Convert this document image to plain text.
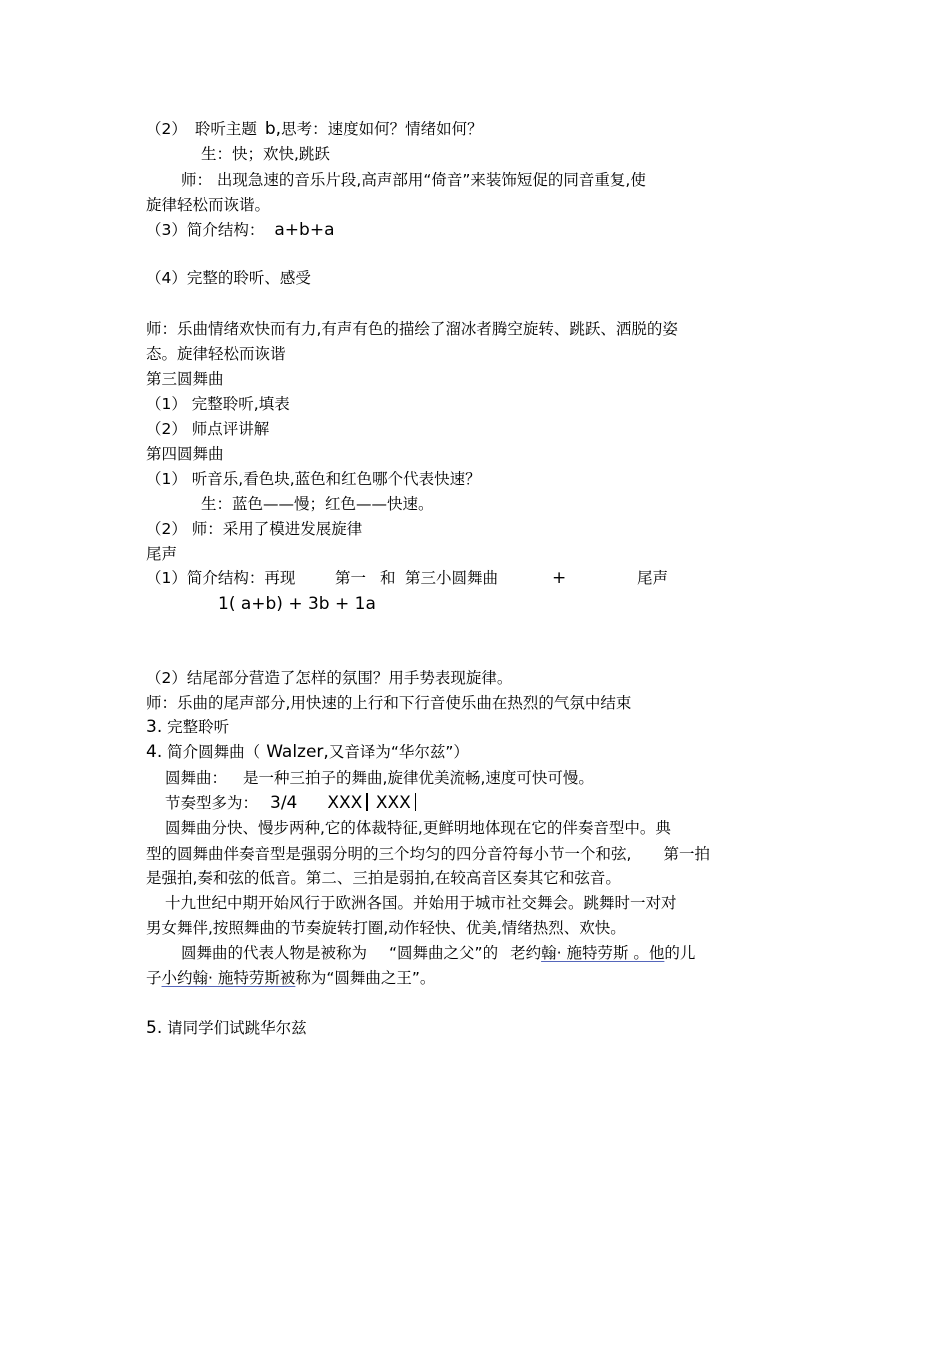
（2） 聆听主题 b,思考：速度如何？情绪如何？
生：快；欢快,跳跃
师： 出现急速的音乐片段,高声部用“倚音”来装饰短促的同音重复,使
旋律轻松而诙谐。
（3）简介结构： a+b+a
（4）完整的聆听、感受
师：乐曲情绪欢快而有力,有声有色的描绘了溜冰者腾空旋转、跳跃、洒脱的姿
态。旋律轻松而诙谐
第三圆舞曲
（1） 完整聆听,填表
（2） 师点评讲解
第四圆舞曲
（1） 听音乐,看色块,蓝色和红色哪个代表快速？
生：蓝色——慢；红色——快速。
（2） 师：采用了模进发展旋律
尾声
（1）简介结构：再现	第一 和 第三小圆舞曲	+	尾声
1( a+b) + 3b + 1a
（2）结尾部分营造了怎样的氛围？用手势表现旋律。
师：乐曲的尾声部分,用快速的上行和下行音使乐曲在热烈的气氛中结束
3. 完整聆听
4. 简介圆舞曲（ Walzer,又音译为“华尔兹”）
圆舞曲： 是一种三拍子的舞曲,旋律优美流畅,速度可快可慢。
节奏型多为： 3/4 XXX XXX
圆舞曲分快、慢步两种,它的体裁特征,更鲜明地体现在它的伴奏音型中。典
型的圆舞曲伴奏音型是强弱分明的三个均匀的四分音符每小节一个和弦, 第一拍
是强拍,奏和弦的低音。第二、三拍是弱拍,在较高音区奏其它和弦音。
十九世纪中期开始风行于欧洲各国。并始用于城市社交舞会。跳舞时一对对
男女舞伴,按照舞曲的节奏旋转打圈,动作轻快、优美,情绪热烈、欢快。
圆舞曲的代表人物是被称为 “圆舞曲之父”的 老约翰· 施特劳斯 。他的儿
子小约翰· 施特劳斯被称为“圆舞曲之王”。
5. 请同学们试跳华尔兹
